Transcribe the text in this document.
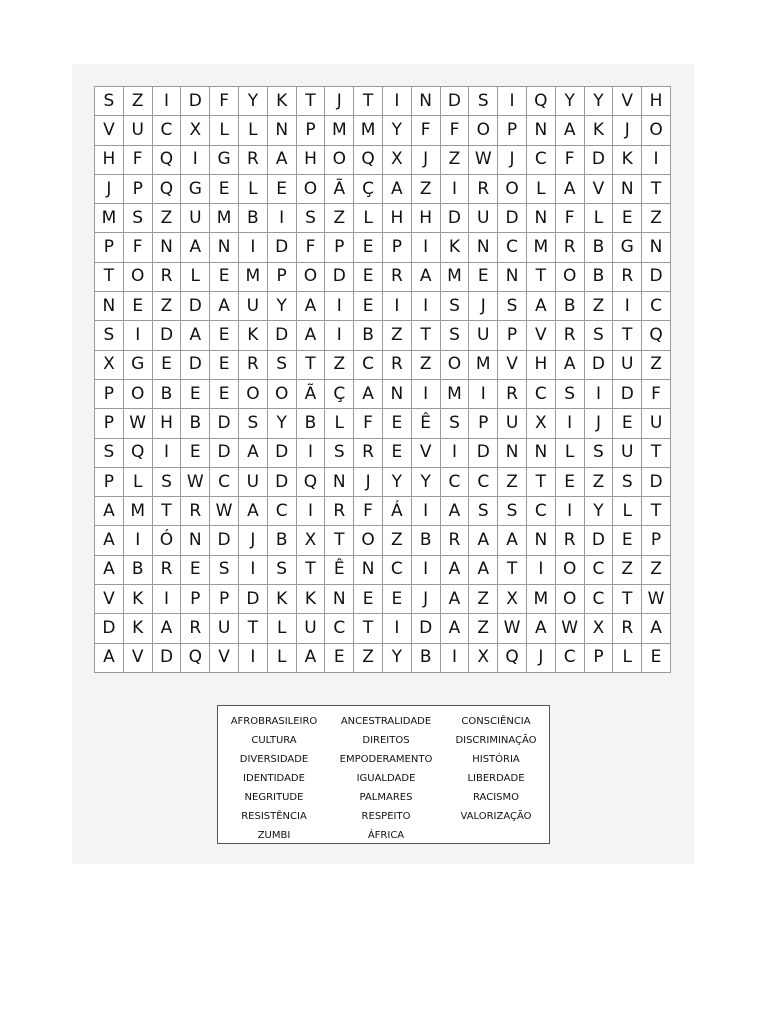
S	Z	I	D	F	Y	K	T	J	T	I	N D S	I	Q Y	Y	V H
V U C	X	L	L	N	P M M Y	F	F	O P	N A	K	J	O
H	F	Q	I	G R	A H O Q X	J	Z W	J	C	F	D K	I
J	P Q G E	L	E O Ã	Ç	A	Z	I	R O	L	A	V N	T
M S	Z U M B	I	S	Z	L	H H D U D N	F	L	E	Z
P	F	N A N	I	D	F	P	E	P	I	K N C M R	B G N
T O R	L	E M P O D E	R	A M E	N	T O B	R D
N	E	Z D A U	Y	A	I	E	I	I	S	J	S	A	B	Z	I	C
S	I	D A	E	K D A	I	B	Z	T	S	U	P	V	R	S	T Q
X G E D E	R	S	T	Z	C R	Z O M V H A D U Z
P O B	E	E O O Ã	Ç	A N	I	M	I	R C	S	I	D	F
P W H B D S	Y	B	L	F	E	Ê	S	P	U X	I	J	E	U
S Q	I	E D A D	I	S	R	E	V	I	D N N	L	S	U	T
P	L	S W C U D Q N	J	Y	Y	C C	Z	T	E	Z	S D
A M T	R W A	C	I	R	F	Á	I	A	S	S	C	I	Y	L	T
A	I	Ó N D	J	B	X	T O Z	B	R	A	A N R D E	P
A	B	R	E	S	I	S	T	Ê	N C	I	A	A	T	I	O C	Z	Z
V	K	I	P	P	D K	K N	E	E	J	A	Z	X M O C	T W
D K	A	R U	T	L	U C	T	I	D A	Z W A W X	R	A
A	V D Q V	I	L	A	E	Z	Y	B	I	X Q	J	C	P	L	E
AFROBRASILEIRO
CULTURA
DIVERSIDADE
IDENTIDADE
NEGRITUDE
RESISTÊNCIA
ZUMBI
ANCESTRALIDADE
DIREITOS
EMPODERAMENTO
IGUALDADE
PALMARES
RESPEITO
ÁFRICA
CONSCIÊNCIA
DISCRIMINAÇÃO
HISTÓRIA
LIBERDADE
RACISMO
VALORIZAÇÃO
